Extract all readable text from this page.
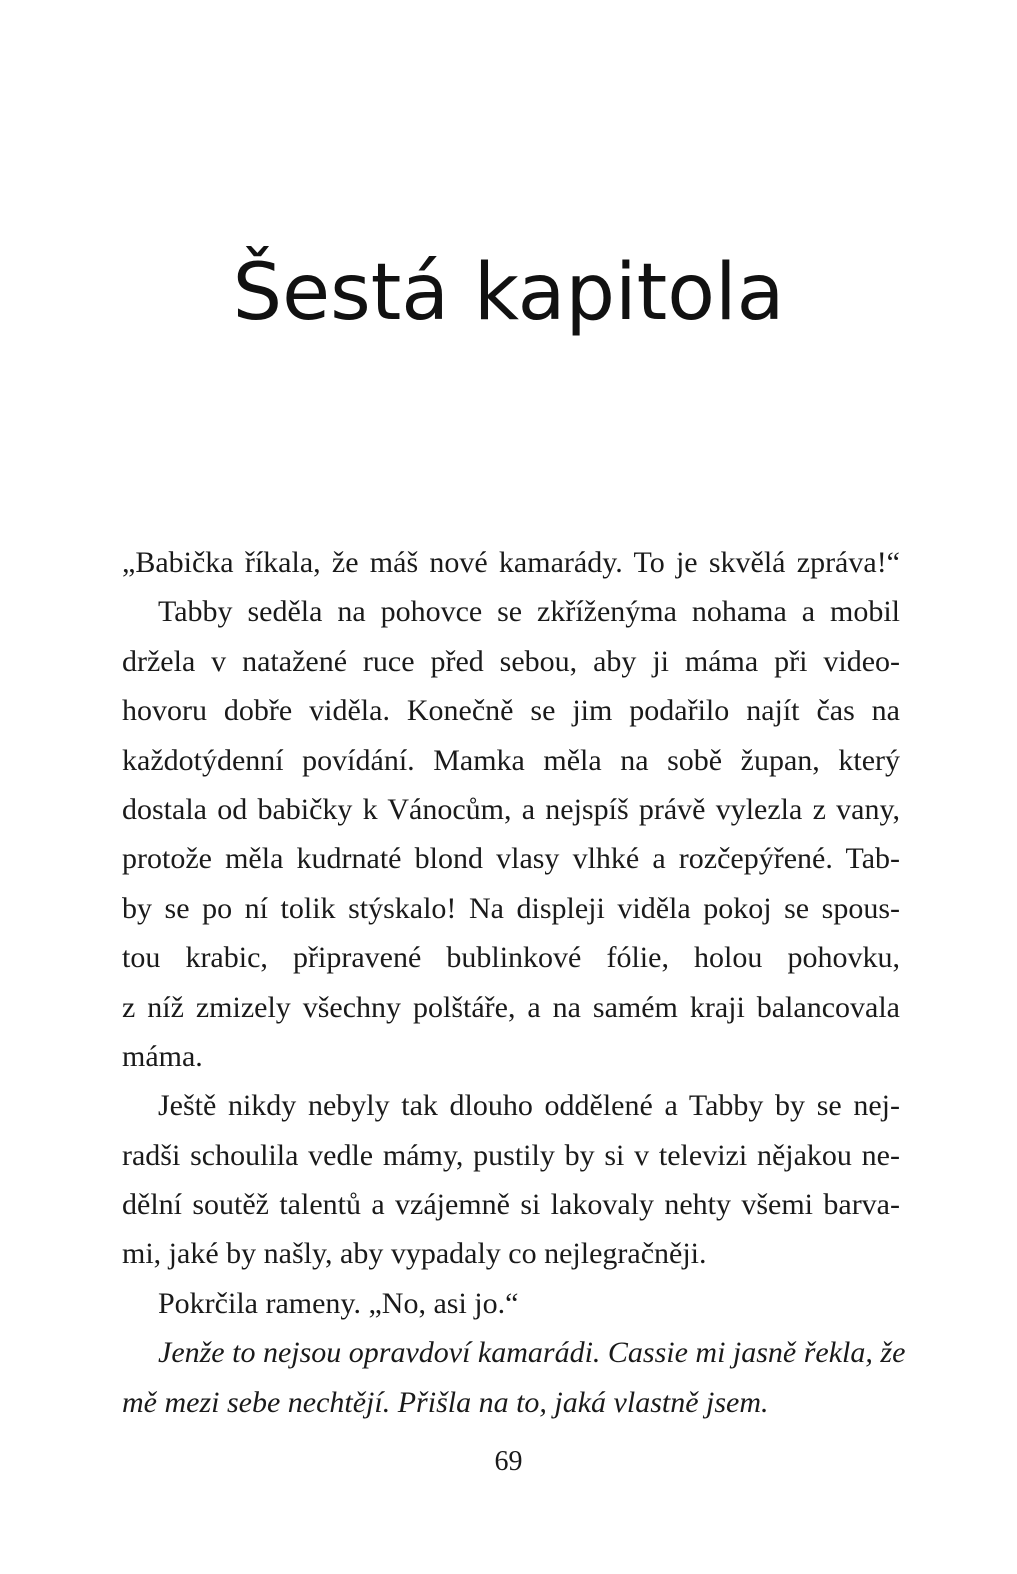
Šestá kapitola
„Babička říkala, že máš nové kamarády. To je skvělá zpráva!“
Tabby seděla na pohovce se zkříženýma nohama a mobil
držela v natažené ruce před sebou, aby ji máma při video-
hovoru dobře viděla. Konečně se jim podařilo najít čas na
každotýdenní povídání. Mamka měla na sobě župan, který
dostala od babičky k Vánocům, a nejspíš právě vylezla z vany,
protože měla kudrnaté blond vlasy vlhké a rozčepýřené. Tab-
by se po ní tolik stýskalo! Na displeji viděla pokoj se spous-
tou krabic, připravené bublinkové fólie, holou pohovku,
z níž zmizely všechny polštáře, a na samém kraji balancovala
máma.
Ještě nikdy nebyly tak dlouho oddělené a Tabby by se nej-
radši schoulila vedle mámy, pustily by si v televizi nějakou ne-
dělní soutěž talentů a vzájemně si lakovaly nehty všemi barva-
mi, jaké by našly, aby vypadaly co nejlegračněji.
Pokrčila rameny. „No, asi jo.“
Jenže to nejsou opravdoví kamarádi. Cassie mi jasně řekla, že
mě mezi sebe nechtějí. Přišla na to, jaká vlastně jsem.
69
